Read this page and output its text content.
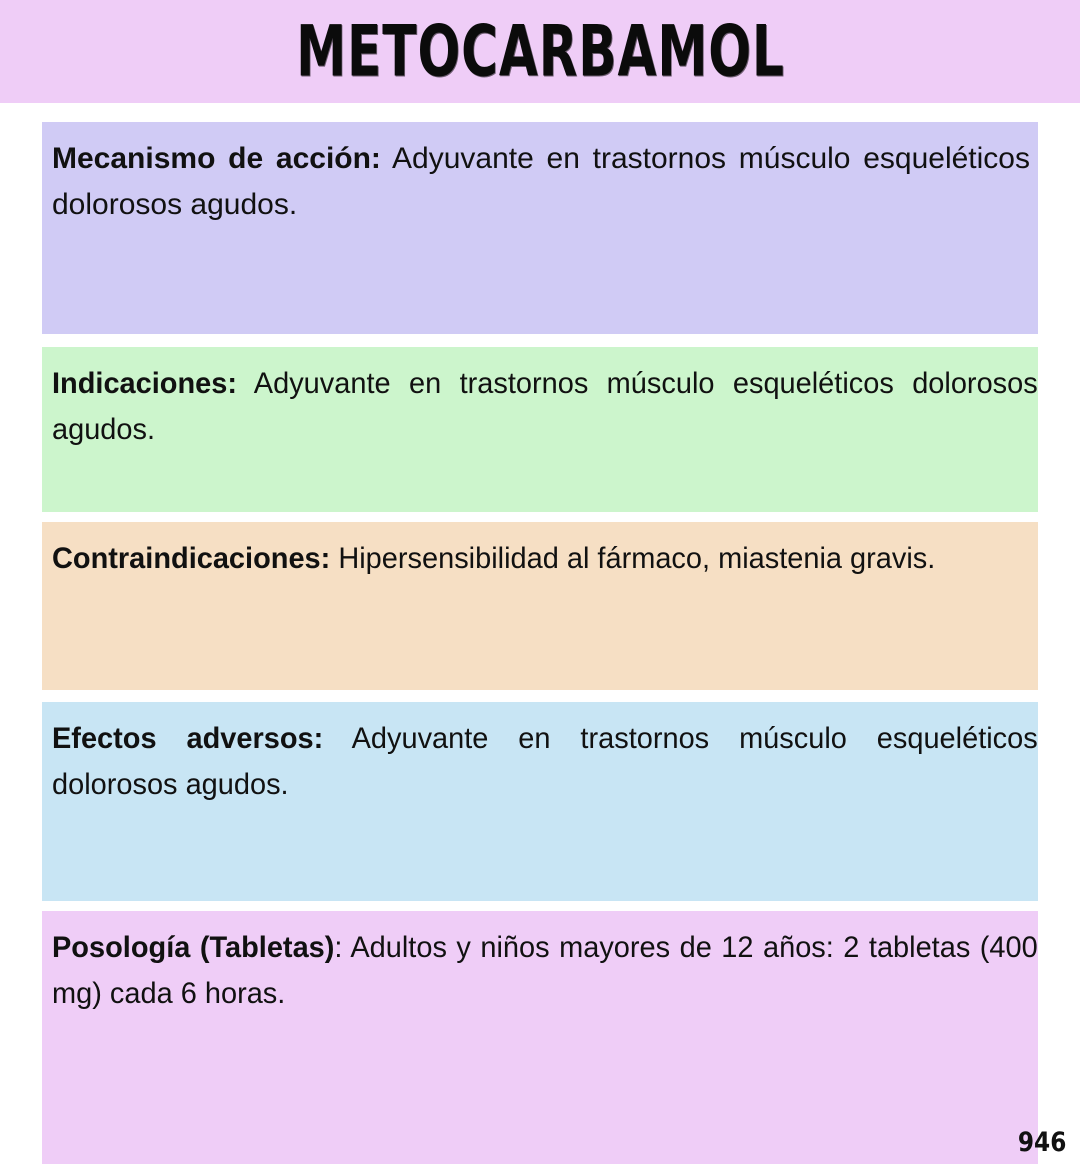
METOCARBAMOL

Mecanismo de acción: Adyuvante en trastornos músculo esqueléticos dolorosos agudos.

Indicaciones: Adyuvante en trastornos músculo esqueléticos dolorosos agudos.

Contraindicaciones: Hipersensibilidad al fármaco, miastenia gravis.

Efectos adversos: Adyuvante en trastornos músculo esqueléticos dolorosos agudos.

Posología (Tabletas): Adultos y niños mayores de 12 años: 2 tabletas (400 mg) cada 6 horas.

946
